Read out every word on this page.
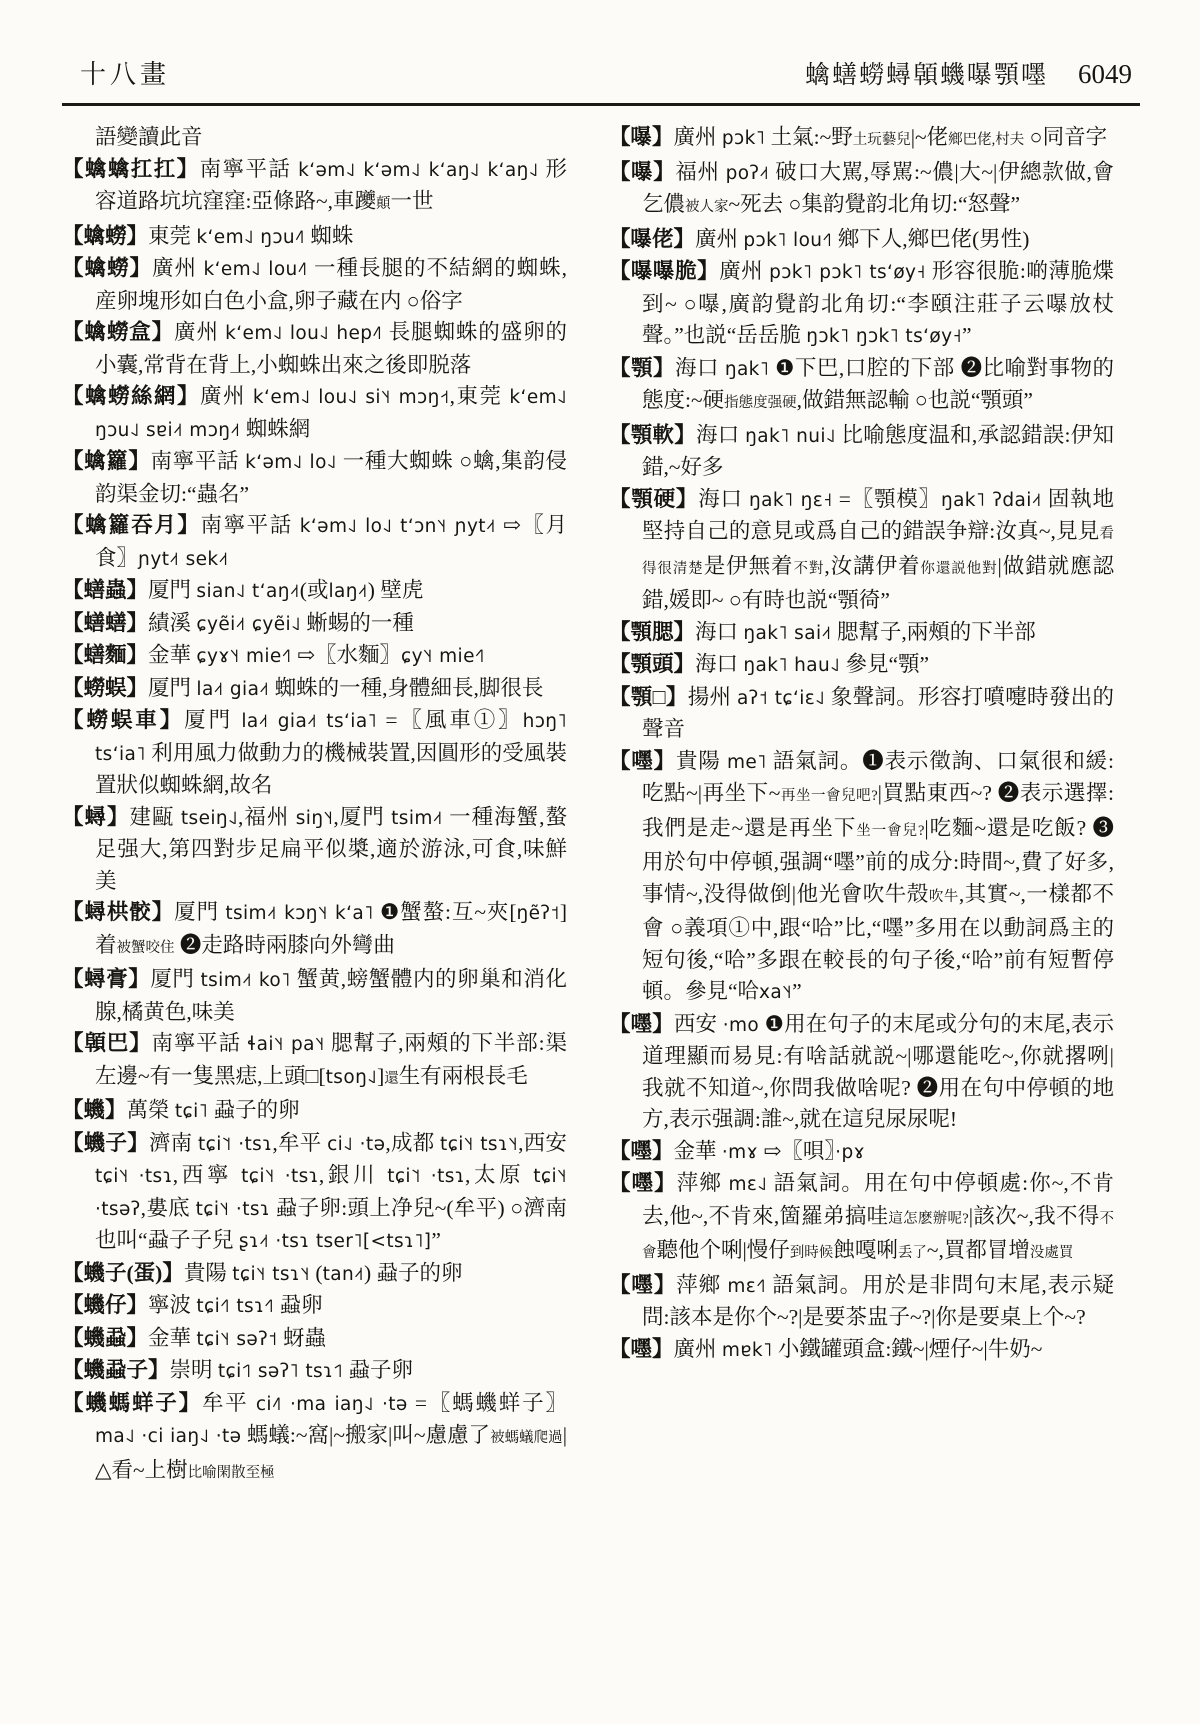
十八畫	蠄蟮蟧蟳顊蟣嚗顎嚜 6049
語變讀此音
【蠄蠄扛扛】南寧平話 kʻəm˨˩ kʻəm˨˩ kʻaŋ˨˩ kʻaŋ˨˩ 形容道路坑坑窪窪:亞條路~,車躨顛一世
【蠄蟧】東莞 kʻem˨˩ ŋɔu˨˥ 蜘蛛
【蠄蟧】廣州 kʻem˨˩ lou˨˥ 一種長腿的不結網的蜘蛛,産卵塊形如白色小盒,卵子藏在内 ○俗字
【蠄蟧盒】廣州 kʻem˨˩ lou˨˩ hep˨˥ 長腿蜘蛛的盛卵的小囊,常背在背上,小蜘蛛出來之後即脱落
【蠄蟧絲網】廣州 kʻem˨˩ lou˨˩ si˥˧ mɔŋ˧˦,東莞 kʻem˨˩ ŋɔu˨˩ sɐi˨˦ mɔŋ˨˦ 蜘蛛網
【蠄籮】南寧平話 kʻəm˨˩ lo˨˩ 一種大蜘蛛 ○蠄,集韵侵韵渠金切:“蟲名”
【蠄籮吞月】南寧平話 kʻəm˨˩ lo˨˩ tʻɔn˥˧ ɲyt˨˦ ⇨〖月食〗ɲyt˨˦ sek˨˦
【蟮蟲】厦門 sian˨˩ tʻaŋ˨˦(或laŋ˨˦) 壁虎
【蟮蟮】績溪 ɕyẽi˨˦ ɕyẽi˨˩ 蜥蜴的一種
【蟮麵】金華 ɕyɤ˥˧ mie˧˥ ⇨〖水麵〗ɕy˥˧ mie˧˥
【蟧蜈】厦門 la˨˦ gia˨˦ 蜘蛛的一種,身體細長,脚很長
【蟧蜈車】厦門 la˨˦ gia˨˦ tsʻia˥ =〖風車①〗hɔŋ˥ tsʻia˥ 利用風力做動力的機械裝置,因圓形的受風裝置狀似蜘蛛網,故名
【蟳】建甌 tseiŋ˨˩,福州 siŋ˥˧,厦門 tsim˨˦ 一種海蟹,螯足强大,第四對步足扁平似槳,適於游泳,可食,味鮮美
【蟳栱骹】厦門 tsim˨˦ kɔŋ˥˧ kʻa˥ ❶蟹螯:互~夾[ŋẽʔ˦]着被蟹咬住 ❷走路時兩膝向外彎曲
【蟳膏】厦門 tsim˨˦ ko˥ 蟹黄,螃蟹體内的卵巢和消化腺,橘黄色,味美
【顊巴】南寧平話 ɬai˥˧ pa˥˧ 腮幫子,兩頰的下半部:渠左邊~有一隻黑痣,上頭□[tsoŋ˨˩]還生有兩根長毛
【蟣】萬榮 tɕi˥ 蝨子的卵
【蟣子】濟南 tɕi˥˦ ·tsɿ,牟平 ci˨˩ ·tə,成都 tɕi˥˧ tsɿ˥˧,西安 tɕi˥˧ ·tsɿ,西寧 tɕi˥˧ ·tsɿ,銀川 tɕi˥˦ ·tsɿ,太原 tɕi˥˧ ·tsəʔ,婁底 tɕi˥˧ ·tsɿ 蝨子卵:頭上净兒~(牟平) ○濟南也叫“蝨子子兒 ʂɿ˨˦ ·tsɿ tser˥[<tsɿ˥]”
【蟣子(蛋)】貴陽 tɕi˥˧ tsɿ˥˧ (tan˨˦) 蝨子的卵
【蟣仔】寧波 tɕi˧˥ tsɿ˧˥ 蝨卵
【蟣蝨】金華 tɕi˥˧ səʔ˦ 蚜蟲
【蟣蝨子】崇明 tɕi˦˥ səʔ˥ tsɿ˦˥ 蝨子卵
【蟣螞蛘子】牟平 ci˨˥ ·ma iaŋ˨˩ ·tə =〖螞蟣蛘子〗ma˨˩ ·ci iaŋ˨˩ ·tə 螞蟻:~窩|~搬家|叫~慮慮了被螞蟻爬過|△看~上樹比喻閑散至極
【嚗】廣州 pɔk˥ 土氣:~野土玩藝兒|~佬鄉巴佬,村夫 ○同音字
【嚗】福州 poʔ˨˦ 破口大駡,辱駡:~儂|大~|伊總款做,會乞儂被人家~死去 ○集韵覺韵北角切:“怒聲”
【嚗佬】廣州 pɔk˥ lou˧˥ 鄉下人,鄉巴佬(男性)
【嚗嚗脆】廣州 pɔk˥ pɔk˥ tsʻøy˧ 形容很脆:啲薄脆煠到~ ○嚗,廣韵覺韵北角切:“李頤注莊子云嚗放杖聲。”也説“岳岳脆 ŋɔk˥ ŋɔk˥ tsʻøy˧”
【顎】海口 ŋak˥ ❶下巴,口腔的下部 ❷比喻對事物的態度:~硬指態度强硬,做錯無認輸 ○也説“顎頭”
【顎軟】海口 ŋak˥ nui˨˩ 比喻態度温和,承認錯誤:伊知錯,~好多
【顎硬】海口 ŋak˥ ŋɛ˧ =〖顎模〗ŋak˥ ʔdai˨˦ 固執地堅持自己的意見或爲自己的錯誤争辯:汝真~,見見看得很清楚是伊無着不對,汝講伊着你還説他對|做錯就應認錯,媛即~ ○有時也説“顎徛”
【顎腮】海口 ŋak˥ sai˨˦ 腮幫子,兩頰的下半部
【顎頭】海口 ŋak˥ hau˨˩ 參見“顎”
【顎□】揚州 aʔ˦ tɕʻiɛ˨˩ 象聲詞。形容打噴嚏時發出的聲音
【嚜】貴陽 me˥ 語氣詞。❶表示徵詢、口氣很和緩:吃點~|再坐下~再坐一會兒吧?|買點東西~? ❷表示選擇:我們是走~還是再坐下坐一會兒?|吃麵~還是吃飯? ❸用於句中停頓,强調“嚜”前的成分:時間~,費了好多,事情~,没得做倒|他光會吹牛殻吹牛,其實~,一樣都不會 ○義項①中,跟“哈”比,“嚜”多用在以動詞爲主的短句後,“哈”多跟在較長的句子後,“哈”前有短暫停頓。參見“哈xa˥˧”
【嚜】西安 ·mo ❶用在句子的末尾或分句的末尾,表示道理顯而易見:有啥話就説~|哪還能吃~,你就撂咧|我就不知道~,你問我做啥呢? ❷用在句中停頓的地方,表示强調:誰~,就在這兒尿尿呢!
【嚜】金華 ·mɤ ⇨〖唄〗·pɤ
【嚜】萍鄉 mɛ˨˩ 語氣詞。用在句中停頓處:你~,不肯去,他~,不肯來,箇羅弟搞哇這怎麽辦呢?|該次~,我不得不會聽他个唎|慢仔到時候蝕嘎唎丢了~,買都冒增没處買
【嚜】萍鄉 mɛ˧˥ 語氣詞。用於是非問句末尾,表示疑問:該本是你个~?|是要茶盅子~?|你是要桌上个~?
【嚜】廣州 mɐk˥ 小鐵罐頭盒:鐵~|煙仔~|牛奶~
